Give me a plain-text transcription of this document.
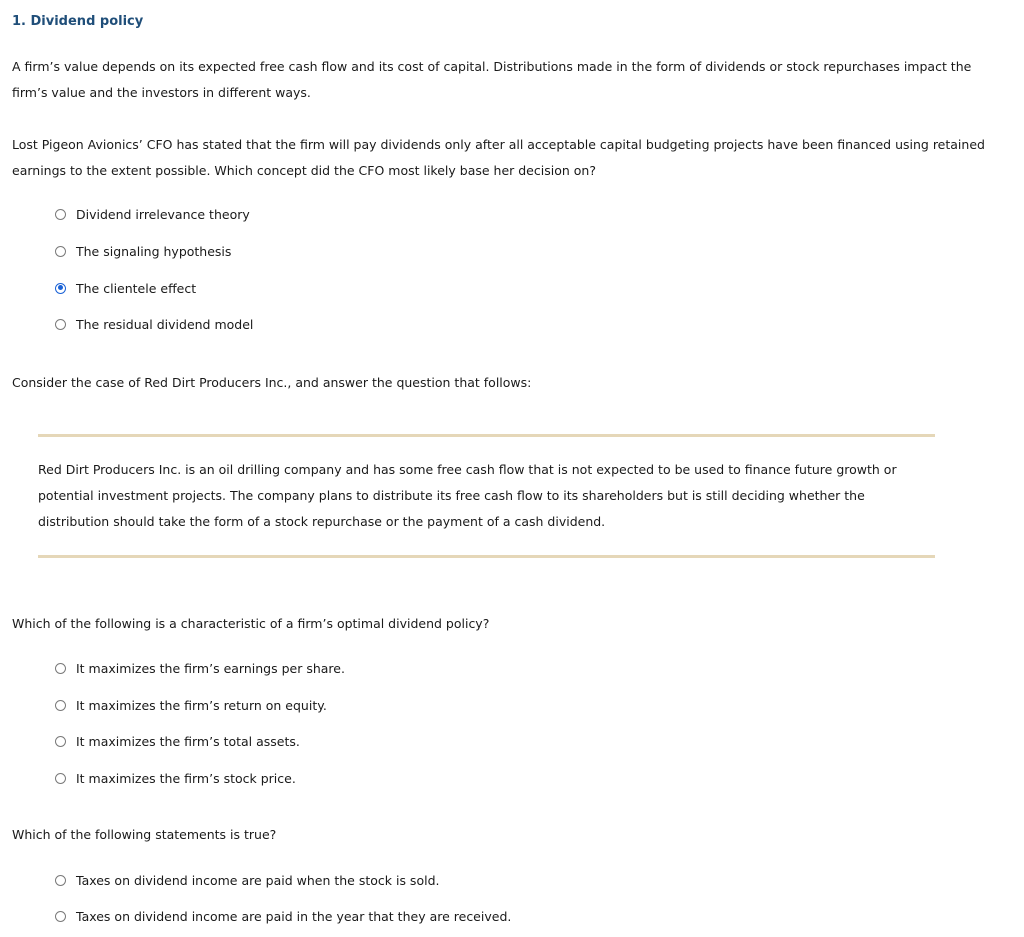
1. Dividend policy

A firm’s value depends on its expected free cash flow and its cost of capital. Distributions made in the form of dividends or stock repurchases impact the firm’s value and the investors in different ways.

Lost Pigeon Avionics’ CFO has stated that the firm will pay dividends only after all acceptable capital budgeting projects have been financed using retained earnings to the extent possible. Which concept did the CFO most likely base her decision on?

Dividend irrelevance theory
The signaling hypothesis
The clientele effect
The residual dividend model

Consider the case of Red Dirt Producers Inc., and answer the question that follows:

Red Dirt Producers Inc. is an oil drilling company and has some free cash flow that is not expected to be used to finance future growth or potential investment projects. The company plans to distribute its free cash flow to its shareholders but is still deciding whether the distribution should take the form of a stock repurchase or the payment of a cash dividend.

Which of the following is a characteristic of a firm’s optimal dividend policy?

It maximizes the firm’s earnings per share.
It maximizes the firm’s return on equity.
It maximizes the firm’s total assets.
It maximizes the firm’s stock price.

Which of the following statements is true?

Taxes on dividend income are paid when the stock is sold.
Taxes on dividend income are paid in the year that they are received.
